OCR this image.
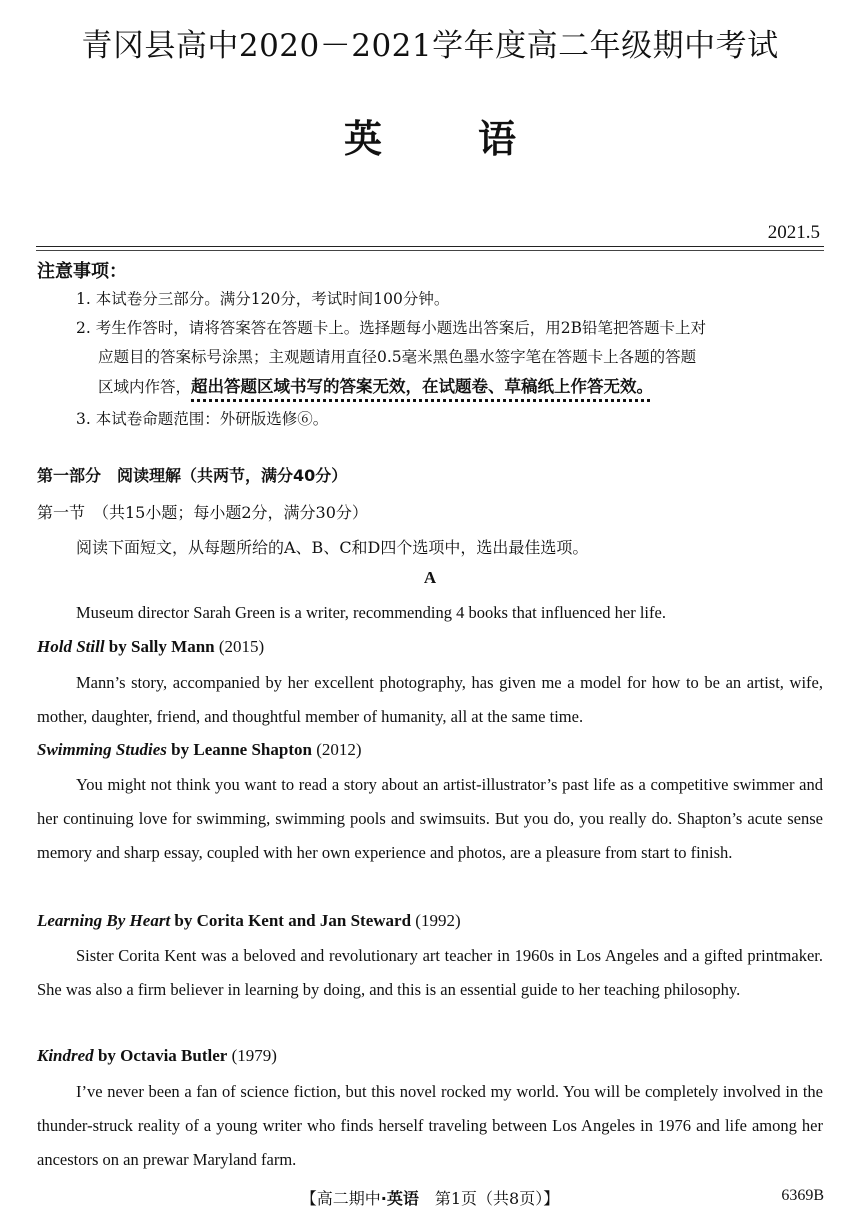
青冈县高中2020－2021学年度高二年级期中考试
英	语
2021.5
注意事项：
1. 本试卷分三部分。满分120分，考试时间100分钟。
2. 考生作答时，请将答案答在答题卡上。选择题每小题选出答案后，用2B铅笔把答题卡上对
应题目的答案标号涂黑；主观题请用直径0.5毫米黑色墨水签字笔在答题卡上各题的答题
区域内作答，超出答题区域书写的答案无效，在试题卷、草稿纸上作答无效。
3. 本试卷命题范围：外研版选修⑥。
第一部分　阅读理解（共两节，满分40分）
第一节　（共15小题；每小题2分，满分30分）
阅读下面短文，从每题所给的A、B、C和D四个选项中，选出最佳选项。
A
Museum director Sarah Green is a writer, recommending 4 books that influenced her life.
Hold Still by Sally Mann (2015)
Mann’s story, accompanied by her excellent photography, has given me a model for how to be an artist, wife, mother, daughter, friend, and thoughtful member of humanity, all at the same time.
Swimming Studies by Leanne Shapton (2012)
You might not think you want to read a story about an artist-illustrator’s past life as a competitive swimmer and her continuing love for swimming, swimming pools and swimsuits. But you do, you really do. Shapton’s acute sense memory and sharp essay, coupled with her own experience and photos, are a pleasure from start to finish.
Learning By Heart by Corita Kent and Jan Steward (1992)
Sister Corita Kent was a beloved and revolutionary art teacher in 1960s in Los Angeles and a gifted printmaker. She was also a firm believer in learning by doing, and this is an essential guide to her teaching philosophy.
Kindred by Octavia Butler (1979)
I’ve never been a fan of science fiction, but this novel rocked my world. You will be completely involved in the thunder-struck reality of a young writer who finds herself traveling between Los Angeles in 1976 and life among her ancestors on an prewar Maryland farm.
【高二期中·英语　第1页（共8页）】	6369B
